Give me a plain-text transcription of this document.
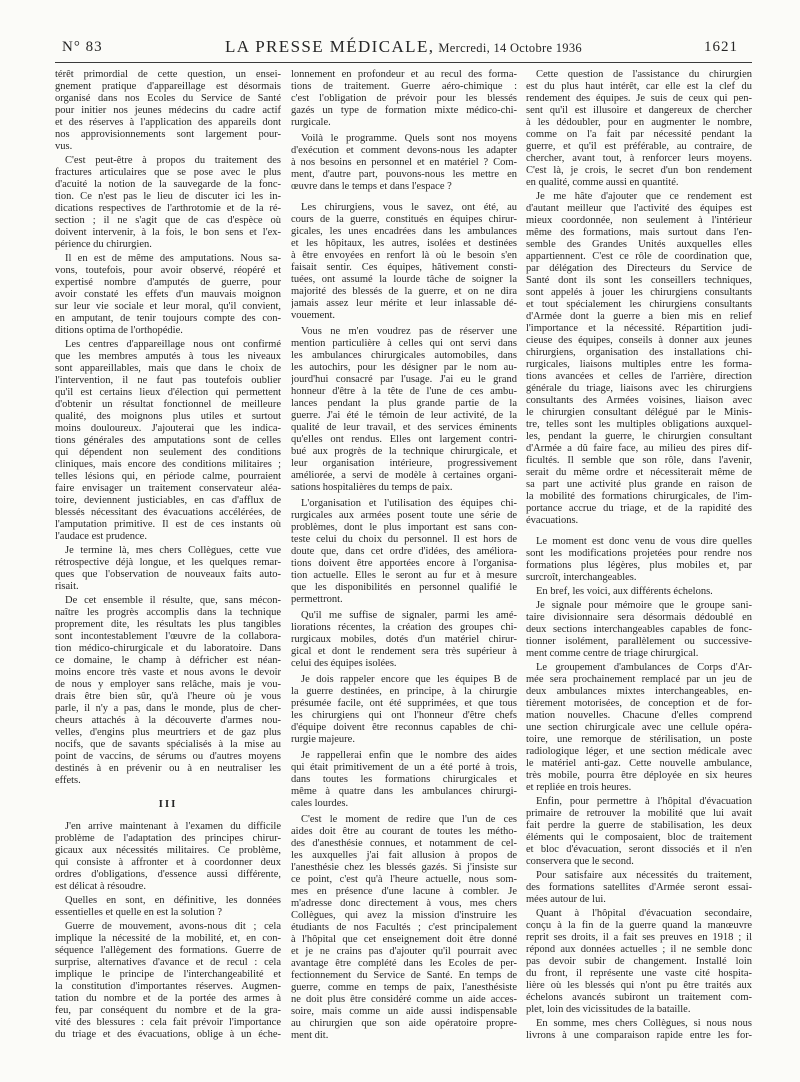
N° 83	LA PRESSE MÉDICALE, Mercredi, 14 Octobre 1936	1621
térêt primordial de cette question, un ensei-
gnement pratique d'appareillage est désormais
organisé dans nos Ecoles du Service de Santé
pour initier nos jeunes médecins du cadre actif
et des réserves à l'application des appareils dont
nos approvisionnements sont largement pour-
vus.
C'est peut-être à propos du traitement des
fractures articulaires que se pose avec le plus
d'acuité la notion de la sauvegarde de la fonc-
tion. Ce n'est pas le lieu de discuter ici les in-
dications respectives de l'arthrotomie et de la ré-
section ; il ne s'agit que de cas d'espèce où
doivent intervenir, à la fois, le bon sens et l'ex-
périence du chirurgien.
Il en est de même des amputations. Nous sa-
vons, toutefois, pour avoir observé, réopéré et
expertisé nombre d'amputés de guerre, pour
avoir constaté les effets d'un mauvais moignon
sur leur vie sociale et leur moral, qu'il convient,
en amputant, de tenir toujours compte des con-
ditions optima de l'orthopédie.
Les centres d'appareillage nous ont confirmé
que les membres amputés à tous les niveaux
sont appareillables, mais que dans le choix de
l'intervention, il ne faut pas toutefois oublier
qu'il est certains lieux d'élection qui permettent
d'obtenir un résultat fonctionnel de meilleure
qualité, des moignons plus utiles et surtout
moins douloureux. J'ajouterai que les indica-
tions générales des amputations sont de celles
qui dépendent non seulement des conditions
cliniques, mais encore des conditions militaires ;
telles lésions qui, en période calme, pourraient
faire envisager un traitement conservateur aléa-
toire, deviennent justiciables, en cas d'afflux de
blessés nécessitant des évacuations accélérées, de
l'amputation primitive. Il est de ces instants où
l'audace est prudence.
Je termine là, mes chers Collègues, cette vue
rétrospective déjà longue, et les quelques remar-
ques que l'observation de nouveaux faits auto-
risait.
De cet ensemble il résulte, que, sans mécon-
naître les progrès accomplis dans la technique
proprement dite, les résultats les plus tangibles
sont incontestablement l'œuvre de la collabora-
tion médico-chirurgicale et du laboratoire. Dans
ce domaine, le champ à défricher est néan-
moins encore très vaste et nous avons le devoir
de nous y employer sans relâche, mais je vou-
drais être bien sûr, qu'à l'heure où je vous
parle, il n'y a pas, dans le monde, plus de cher-
cheurs attachés à la découverte d'armes nou-
velles, d'engins plus meurtriers et de gaz plus
nocifs, que de savants spécialisés à la mise au
point de vaccins, de sérums ou d'autres moyens
destinés à en prévenir ou à en neutraliser les
effets.
III
J'en arrive maintenant à l'examen du difficile
problème de l'adaptation des principes chirur-
gicaux aux nécessités militaires. Ce problème,
qui consiste à affronter et à coordonner deux
ordres d'obligations, d'essence aussi différente,
est délicat à résoudre.
Quelles en sont, en définitive, les données
essentielles et quelle en est la solution ?
Guerre de mouvement, avons-nous dit ; cela
implique la nécessité de la mobilité, et, en con-
séquence l'allègement des formations. Guerre de
surprise, alternatives d'avance et de recul : cela
implique le principe de l'interchangeabilité et
la constitution d'importantes réserves. Augmen-
tation du nombre et de la portée des armes à
feu, par conséquent du nombre et de la gra-
vité des blessures : cela fait prévoir l'importance
du triage et des évacuations, oblige à un éche-
lonnement en profondeur et au recul des forma-
tions de traitement. Guerre aéro-chimique :
c'est l'obligation de prévoir pour les blessés
gazés un type de formation mixte médico-chi-
rurgicale.
Voilà le programme. Quels sont nos moyens
d'exécution et comment devons-nous les adapter
à nos besoins en personnel et en matériel ? Com-
ment, d'autre part, pouvons-nous les mettre en
œuvre dans le temps et dans l'espace ?
Les chirurgiens, vous le savez, ont été, au
cours de la guerre, constitués en équipes chirur-
gicales, les unes encadrées dans les ambulances
et les hôpitaux, les autres, isolées et destinées
à être envoyées en renfort là où le besoin s'en
faisait sentir. Ces équipes, hâtivement consti-
tuées, ont assumé la lourde tâche de soigner la
majorité des blessés de la guerre, et on ne dira
jamais assez leur mérite et leur inlassable dé-
vouement.
Vous ne m'en voudrez pas de réserver une
mention particulière à celles qui ont servi dans
les ambulances chirurgicales automobiles, dans
les autochirs, pour les désigner par le nom au-
jourd'hui consacré par l'usage. J'ai eu le grand
honneur d'être à la tête de l'une de ces ambu-
lances pendant la plus grande partie de la
guerre. J'ai été le témoin de leur activité, de la
qualité de leur travail, et des services éminents
qu'elles ont rendus. Elles ont largement contri-
bué aux progrès de la technique chirurgicale, et
leur organisation intérieure, progressivement
améliorée, a servi de modèle à certaines organi-
sations hospitalières du temps de paix.
L'organisation et l'utilisation des équipes chi-
rurgicales aux armées posent toute une série de
problèmes, dont le plus important est sans con-
teste celui du choix du personnel. Il est hors de
doute que, dans cet ordre d'idées, des améliora-
tions doivent être apportées encore à l'organisa-
tion actuelle. Elles le seront au fur et à mesure
que les disponibilités en personnel qualifié le
permettront.
Qu'il me suffise de signaler, parmi les amé-
liorations récentes, la création des groupes chi-
rurgicaux mobiles, dotés d'un matériel chirur-
gical et dont le rendement sera très supérieur à
celui des équipes isolées.
Je dois rappeler encore que les équipes B de
la guerre destinées, en principe, à la chirurgie
présumée facile, ont été supprimées, et que tous
les chirurgiens qui ont l'honneur d'être chefs
d'équipe doivent être reconnus capables de chi-
rurgie majeure.
Je rappellerai enfin que le nombre des aides
qui était primitivement de un a été porté à trois,
dans toutes les formations chirurgicales et
même à quatre dans les ambulances chirurgi-
cales lourdes.
C'est le moment de redire que l'un de ces
aides doit être au courant de toutes les métho-
des d'anesthésie connues, et notamment de cel-
les auxquelles j'ai fait allusion à propos de
l'anesthésie chez les blessés gazés. Si j'insiste sur
ce point, c'est qu'à l'heure actuelle, nous som-
mes en présence d'une lacune à combler. Je
m'adresse donc directement à vous, mes chers
Collègues, qui avez la mission d'instruire les
étudiants de nos Facultés ; c'est principalement
à l'hôpital que cet enseignement doit être donné
et je ne crains pas d'ajouter qu'il pourrait avec
avantage être complété dans les Ecoles de per-
fectionnement du Service de Santé. En temps de
guerre, comme en temps de paix, l'anesthésiste
ne doit plus être considéré comme un aide acces-
soire, mais comme un aide aussi indispensable
au chirurgien que son aide opératoire propre-
ment dit.
Cette question de l'assistance du chirurgien
est du plus haut intérêt, car elle est la clef du
rendement des équipes. Je suis de ceux qui pen-
sent qu'il est illusoire et dangereux de chercher
à les dédoubler, pour en augmenter le nombre,
comme on l'a fait par nécessité pendant la
guerre, et qu'il est préférable, au contraire, de
chercher, avant tout, à renforcer leurs moyens.
C'est là, je crois, le secret d'un bon rendement
en qualité, comme aussi en quantité.
Je me hâte d'ajouter que ce rendement est
d'autant meilleur que l'activité des équipes est
mieux coordonnée, non seulement à l'intérieur
même des formations, mais surtout dans l'en-
semble des Grandes Unités auxquelles elles
appartiennent. C'est ce rôle de coordination que,
par délégation des Directeurs du Service de
Santé dont ils sont les conseillers techniques,
sont appelés à jouer les chirurgiens consultants
et tout spécialement les chirurgiens consultants
d'Armée dont la guerre a bien mis en relief
l'importance et la nécessité. Répartition judi-
cieuse des équipes, conseils à donner aux jeunes
chirurgiens, organisation des installations chi-
rurgicales, liaisons multiples entre les forma-
tions avancées et celles de l'arrière, direction
générale du triage, liaisons avec les chirurgiens
consultants des Armées voisines, liaison avec
le chirurgien consultant délégué par le Minis-
tre, telles sont les multiples obligations auxquel-
les, pendant la guerre, le chirurgien consultant
d'Armée a dû faire face, au milieu des pires dif-
ficultés. Il semble que son rôle, dans l'avenir,
serait du même ordre et nécessiterait même de
sa part une activité plus grande en raison de
la mobilité des formations chirurgicales, de l'im-
portance accrue du triage, et de la rapidité des
évacuations.
Le moment est donc venu de vous dire quelles
sont les modifications projetées pour rendre nos
formations plus légères, plus mobiles et, par
surcroît, interchangeables.
En bref, les voici, aux différents échelons.
Je signale pour mémoire que le groupe sani-
taire divisionnaire sera désormais dédoublé en
deux sections interchangeables capables de fonc-
tionner isolément, parallèlement ou successive-
ment comme centre de triage chirurgical.
Le groupement d'ambulances de Corps d'Ar-
mée sera prochainement remplacé par un jeu de
deux ambulances mixtes interchangeables, en-
tièrement motorisées, de conception et de for-
mation nouvelles. Chacune d'elles comprend
une section chirurgicale avec une cellule opéra-
toire, une remorque de stérilisation, un poste
radiologique léger, et une section médicale avec
le matériel anti-gaz. Cette nouvelle ambulance,
très mobile, pourra être déployée en six heures
et repliée en trois heures.
Enfin, pour permettre à l'hôpital d'évacuation
primaire de retrouver la mobilité que lui avait
fait perdre la guerre de stabilisation, les deux
éléments qui le composaient, bloc de traitement
et bloc d'évacuation, seront dissociés et il n'en
conservera que le second.
Pour satisfaire aux nécessités du traitement,
des formations satellites d'Armée seront essai-
mées autour de lui.
Quant à l'hôpital d'évacuation secondaire,
conçu à la fin de la guerre quand la manœuvre
reprit ses droits, il a fait ses preuves en 1918 ; il
répond aux données actuelles ; il ne semble donc
pas devoir subir de changement. Installé loin
du front, il représente une vaste cité hospita-
lière où les blessés qui n'ont pu être traités aux
échelons avancés subiront un traitement com-
plet, loin des vicissitudes de la bataille.
En somme, mes chers Collègues, si nous nous
livrons à une comparaison rapide entre les for-
